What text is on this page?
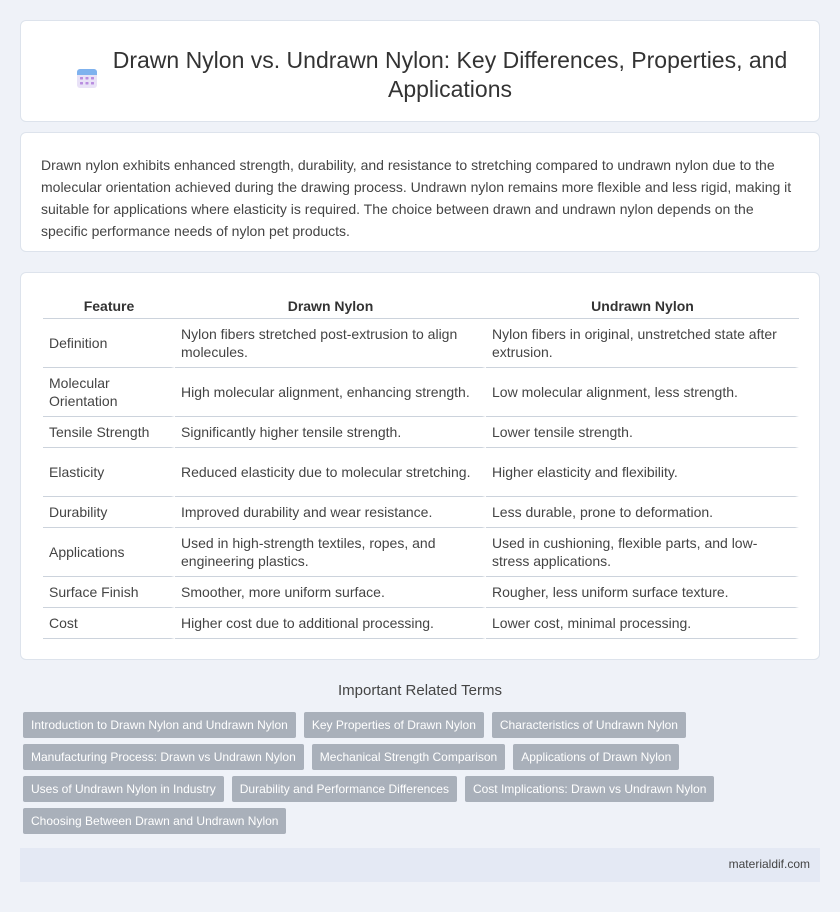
Drawn Nylon vs. Undrawn Nylon: Key Differences, Properties, and Applications

Drawn nylon exhibits enhanced strength, durability, and resistance to stretching compared to undrawn nylon due to the molecular orientation achieved during the drawing process. Undrawn nylon remains more flexible and less rigid, making it suitable for applications where elasticity is required. The choice between drawn and undrawn nylon depends on the specific performance needs of nylon pet products.

Feature	Drawn Nylon	Undrawn Nylon
Definition	Nylon fibers stretched post-extrusion to align molecules.	Nylon fibers in original, unstretched state after extrusion.
Molecular Orientation	High molecular alignment, enhancing strength.	Low molecular alignment, less strength.
Tensile Strength	Significantly higher tensile strength.	Lower tensile strength.
Elasticity	Reduced elasticity due to molecular stretching.	Higher elasticity and flexibility.
Durability	Improved durability and wear resistance.	Less durable, prone to deformation.
Applications	Used in high-strength textiles, ropes, and engineering plastics.	Used in cushioning, flexible parts, and low-stress applications.
Surface Finish	Smoother, more uniform surface.	Rougher, less uniform surface texture.
Cost	Higher cost due to additional processing.	Lower cost, minimal processing.
Important Related Terms
Introduction to Drawn Nylon and Undrawn Nylon	Key Properties of Drawn Nylon	Characteristics of Undrawn Nylon
Manufacturing Process: Drawn vs Undrawn Nylon	Mechanical Strength Comparison	Applications of Drawn Nylon
Uses of Undrawn Nylon in Industry	Durability and Performance Differences	Cost Implications: Drawn vs Undrawn Nylon
Choosing Between Drawn and Undrawn Nylon
materialdif.com
